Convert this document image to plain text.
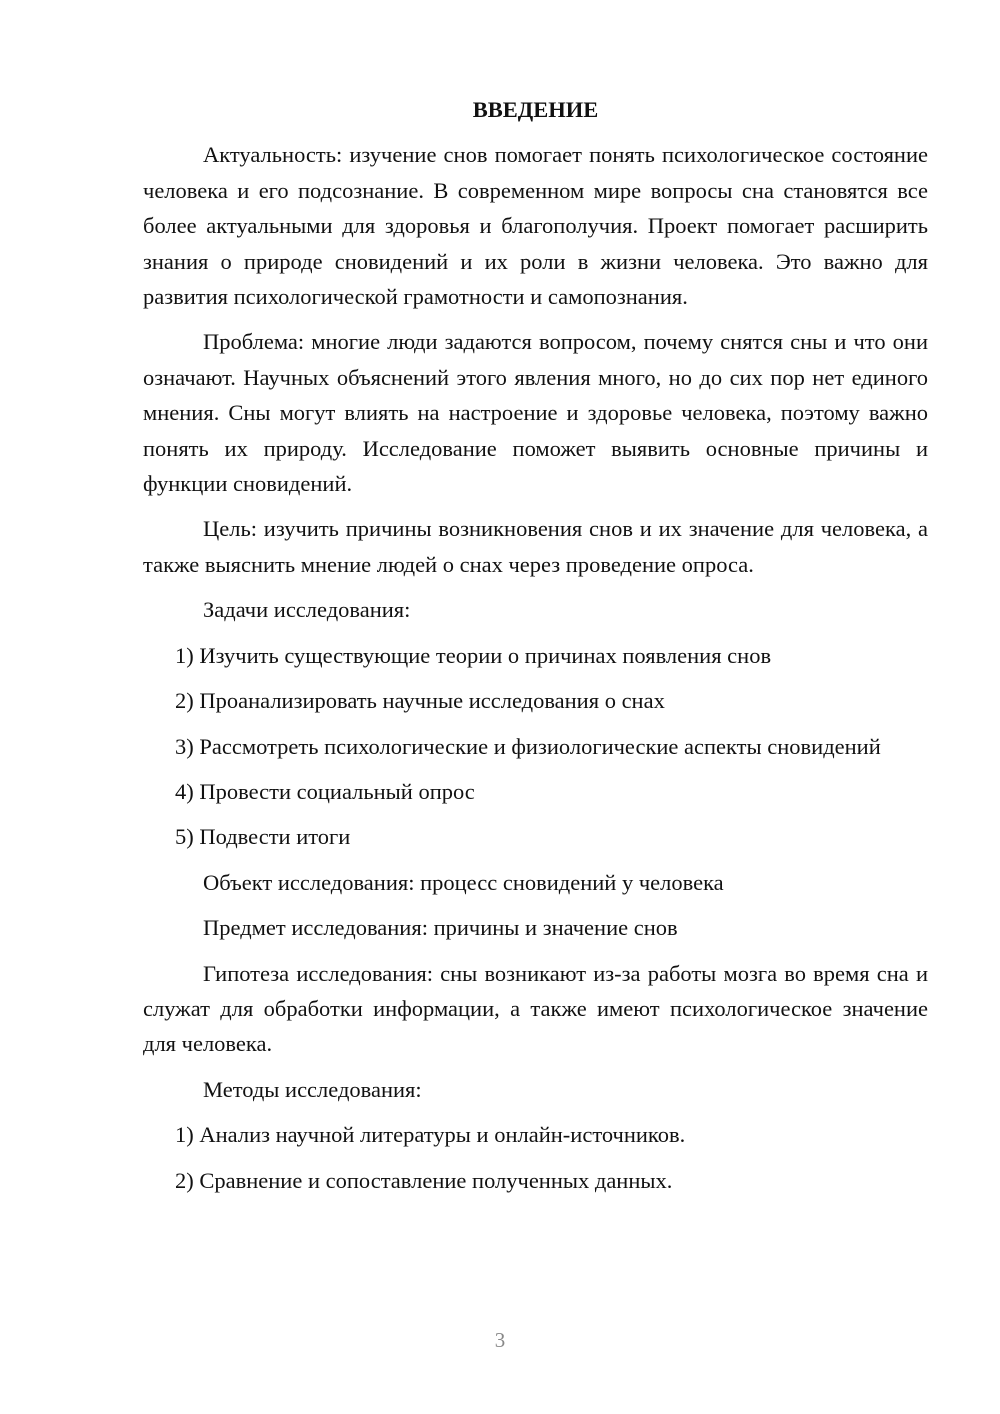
ВВЕДЕНИЕ
Актуальность: изучение снов помогает понять психологическое состояние человека и его подсознание. В современном мире вопросы сна становятся все более актуальными для здоровья и благополучия. Проект помогает расширить знания о природе сновидений и их роли в жизни человека. Это важно для развития психологической грамотности и самопознания.
Проблема: многие люди задаются вопросом, почему снятся сны и что они означают. Научных объяснений этого явления много, но до сих пор нет единого мнения. Сны могут влиять на настроение и здоровье человека, поэтому важно понять их природу. Исследование поможет выявить основные причины и функции сновидений.
Цель: изучить причины возникновения снов и их значение для человека, а также выяснить мнение людей о снах через проведение опроса.
Задачи исследования:
1) Изучить существующие теории о причинах появления снов
2) Проанализировать научные исследования о снах
3) Рассмотреть психологические и физиологические аспекты сновидений
4) Провести социальный опрос
5) Подвести итоги
Объект исследования: процесс сновидений у человека
Предмет исследования: причины и значение снов
Гипотеза исследования: сны возникают из-за работы мозга во время сна и служат для обработки информации, а также имеют психологическое значение для человека.
Методы исследования:
1) Анализ научной литературы и онлайн-источников.
2) Сравнение и сопоставление полученных данных.
3
